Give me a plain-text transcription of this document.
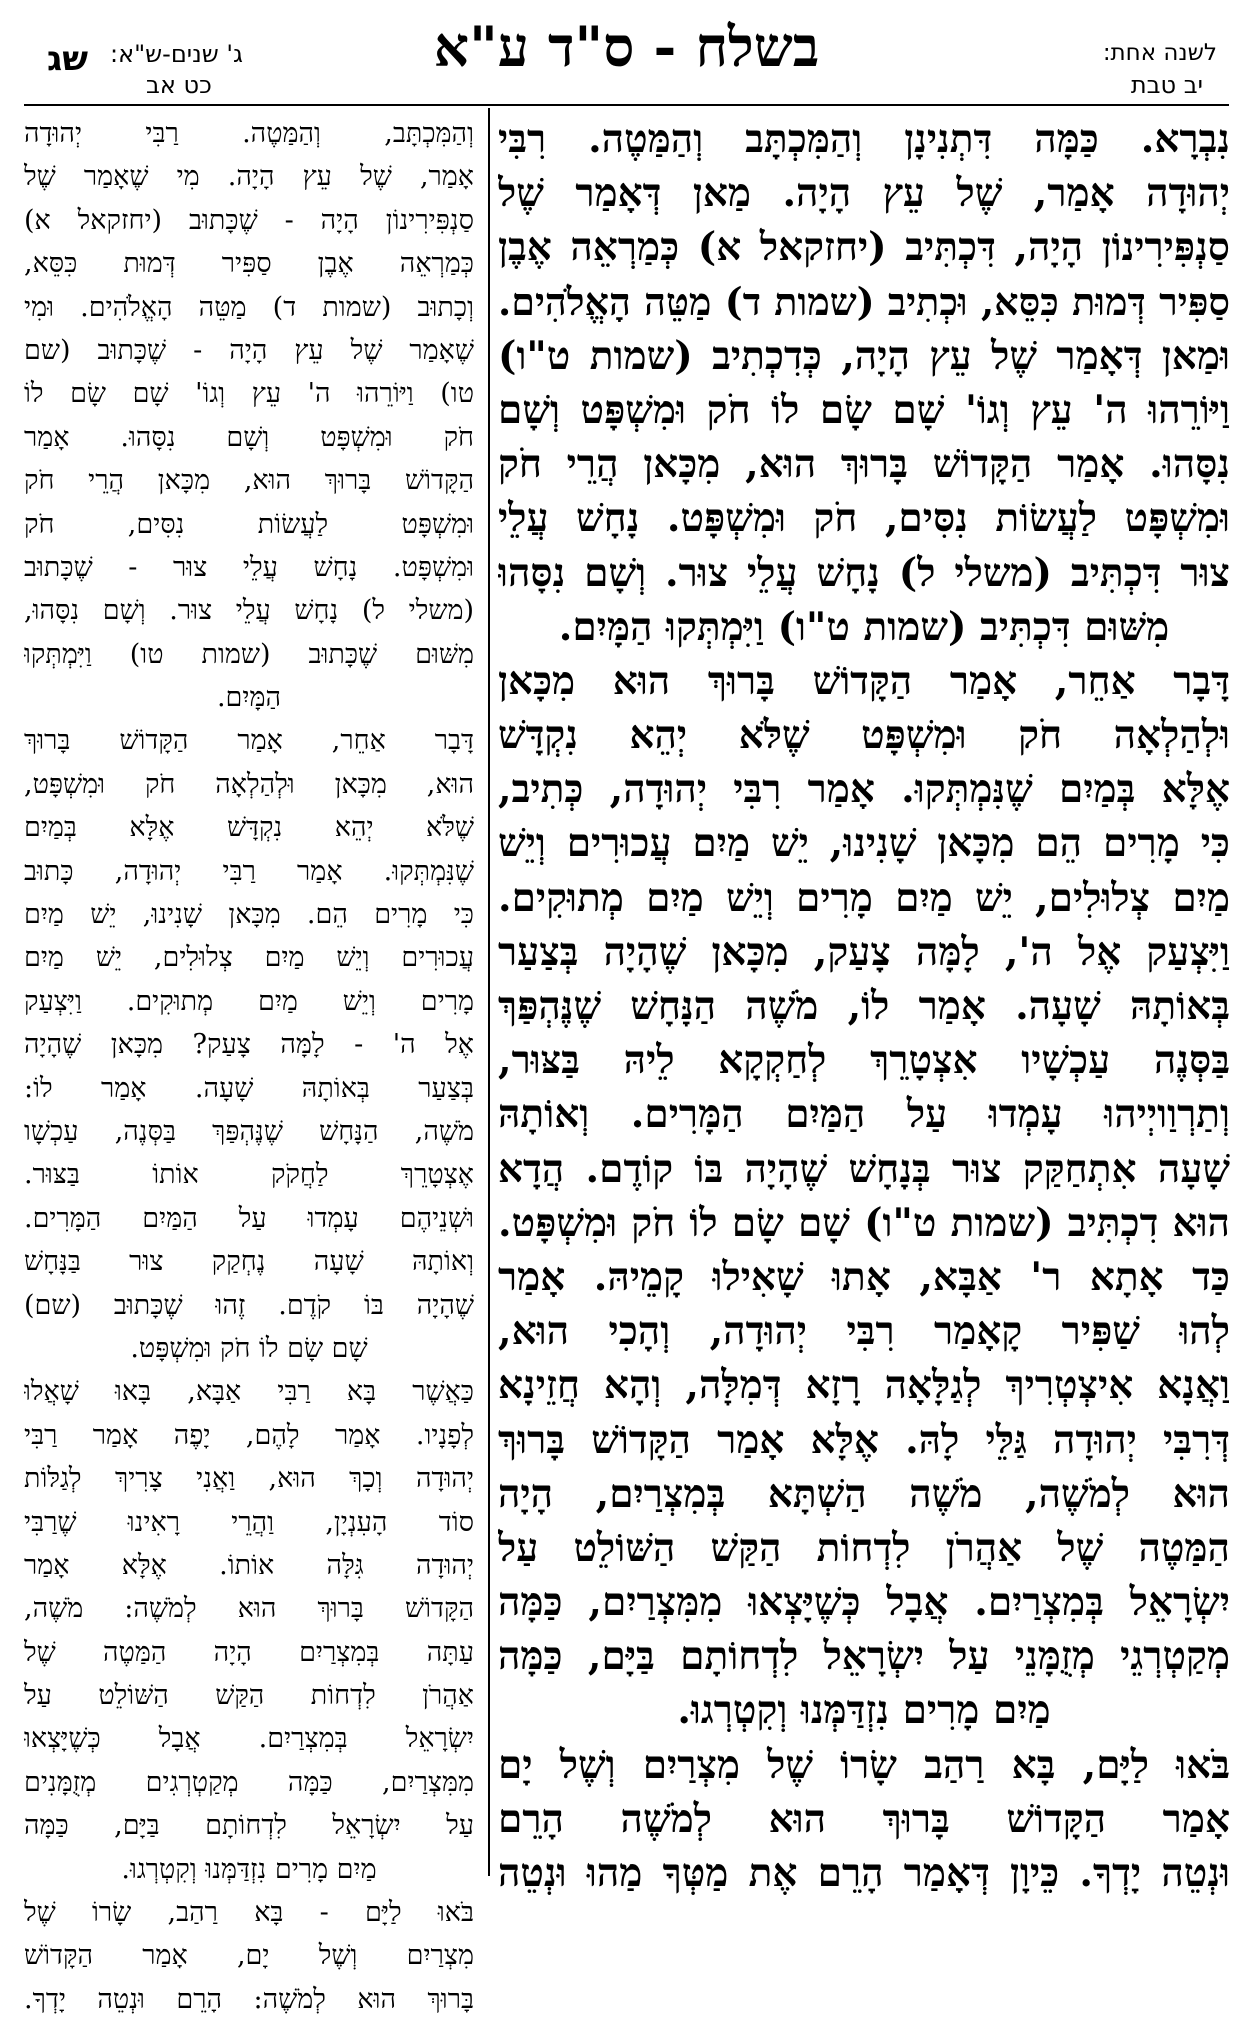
לשנה אחת:
יב טבת
בשלח - ס"ד ע"א
ג' שנים-ש"א:
כט אב
שג
נִבְרָא. כַּמָּה דִּתְנִינָן וְהַמִּכְתָּב וְהַמַּטֶה. רִבִּי
יְהוּדָה אָמַר, שֶׁל עֵץ הָיָה. מַאן דְּאָמַר שֶׁל
סַנְפִּירִינוֹן הָיָה, דִּכְתִּיב (יחזקאל א) כְּמַרְאֵה אֶבֶן
סַפִּיר דְּמוּת כִּסֵּא, וּכְתִיב (שמות ד) מַטֵּה הָאֱלֹהִים.
וּמַאן דְּאָמַר שֶׁל עֵץ הָיָה, כְּדִכְתִיב (שמות ט"ו)
וַיּוֹרֵהוּ ה' עֵץ וְגוֹ' שָׁם שָׂם לוֹ חֹק וּמִשְׁפָּט וְשָׁם
נִסָּהוּ. אָמַר הַקָּדוֹשׁ בָּרוּךְ הוּא, מִכָּאן הֲרֵי חֹק
וּמִשְׁפָּט לַעֲשׂוֹת נִסִּים, חֹק וּמִשְׁפָּט. נָחָשׁ עֲלֵי
צוּר דִּכְתִּיב (משלי ל) נָחָשׁ עֲלֵי צוּר. וְשָׁם נִסָּהוּ
מִשּׁוּם דִּכְתִּיב (שמות ט"ו) וַיִּמְתְּקוּ הַמָּיִם.
דָּבָר אַחֵר, אָמַר הַקָּדוֹשׁ בָּרוּךְ הוּא מִכָּאן
וּלְהַלְאָה חֹק וּמִשְׁפָּט שֶׁלֹּא יְהֵא נִקְדָּשׁ
אֶלָּא בְּמַיִם שֶׁנִּמְתְּקוּ. אָמַר רִבִּי יְהוּדָה, כְּתִיב,
כִּי מָרִים הֵם מִכָּאן שָׁנִינוּ, יֵשׁ מַיִם עֲכוּרִים וְיֵשׁ
מַיִם צְלוּלִים, יֵשׁ מַיִם מָרִים וְיֵשׁ מַיִם מְתוּקִים.
וַיִּצְעַק אֶל ה', לָמָּה צָעַק, מִכָּאן שֶׁהָיָה בְּצַעַר
בְּאוֹתָהּ שָׁעָה. אָמַר לוֹ, מֹשֶׁה הַנָּחָשׁ שֶׁנֶּהְפַּךְ
בַּסְּנֶה עַכְשָׁיו אִצְטָרֵךְ לְחַקְקָא לֵיהּ בַּצּוּר,
וְתַרְוַויְיהוּ עָמְדוּ עַל הַמַּיִם הַמָּרִים. וְאוֹתָהּ
שָׁעָה אִתְחַקַּק צוּר בְּנָחָשׁ שֶׁהָיָה בּוֹ קוֹדֶם. הֲדָא
הוּא דִכְתִּיב (שמות ט"ו) שָׁם שָׂם לוֹ חֹק וּמִשְׁפָּט.
כַּד אָתָא ר' אַבָּא, אָתוּ שָׁאִילוּ קָמֵיהּ. אָמַר
לְהוּ שַׁפִּיר קָאָמַר רִבִּי יְהוּדָה, וְהָכִי הוּא,
וַאֲנָא אִיצְטְרִיךְ לְגַלָּאָה רָזָא דְּמִלָּה, וְהָא חֲזֵינָא
דְּרִבִּי יְהוּדָה גַּלֵּי לָהּ. אֶלָּא אָמַר הַקָּדוֹשׁ בָּרוּךְ
הוּא לְמֹשֶׁה, מֹשֶׁה הַשְׁתָּא בְּמִצְרַיִם, הָיָה
הַמַּטֶה שֶׁל אַהֲרֹן לִדְחוֹת הַקַּשׁ הַשּׁוֹלֵט עַל
יִשְׂרָאֵל בְּמִצְרַיִם. אֲבָל כְּשֶׁיָּצְאוּ מִמִּצְרַיִם, כַּמָּה
מְקַטְרְגֵי מְזֻמָּנֵי עַל יִשְׂרָאֵל לִדְחוֹתָם בַּיָּם, כַּמָּה
מַיִם מָרִים נִזְדַּמְּנוּ וְקִטְרְגוּ.
בֹּאוּ לַיָּם, בָּא רַהַב שָׂרוֹ שֶׁל מִצְרַיִם וְשֶׁל יָם
אָמַר הַקָּדוֹשׁ בָּרוּךְ הוּא לְמֹשֶׁה הָרֵם
וּנְטֵה יָדְךָ. כֵּיוָן דְּאָמַר הָרֵם אֶת מַטְּךָ מַהוּ וּנְטֵה
וְהַמִּכְתָּב, וְהַמַּטֶה. רַבִּי יְהוּדָה
אָמַר, שֶׁל עֵץ הָיָה. מִי שֶׁאָמַר שֶׁל
סַנְפִּירִינוֹן הָיָה - שֶׁכָּתוּב (יחזקאל א)
כְּמַרְאֵה אֶבֶן סַפִּיר דְּמוּת כִּסֵּא,
וְכָתוּב (שמות ד) מַטֵּה הָאֱלֹהִים. וּמִי
שֶׁאָמַר שֶׁל עֵץ הָיָה - שֶׁכָּתוּב (שם
טו) וַיּוֹרֵהוּ ה' עֵץ וְגוֹ' שָׁם שָׂם לוֹ
חֹק וּמִשְׁפָּט וְשָׁם נִסָּהוּ. אָמַר
הַקָּדוֹשׁ בָּרוּךְ הוּא, מִכָּאן הֲרֵי חֹק
וּמִשְׁפָּט לַעֲשׂוֹת נִסִּים, חֹק
וּמִשְׁפָּט. נָחָשׁ עֲלֵי צוּר - שֶׁכָּתוּב
(משלי ל) נָחָשׁ עֲלֵי צוּר. וְשָׁם נִסָּהוּ,
מִשּׁוּם שֶׁכָּתוּב (שמות טו) וַיִּמְתְּקוּ
הַמָּיִם.
דָּבָר אַחֵר, אָמַר הַקָּדוֹשׁ בָּרוּךְ
הוּא, מִכָּאן וּלְהַלְאָה חֹק וּמִשְׁפָּט,
שֶׁלֹּא יְהֵא נִקְדָּשׁ אֶלָּא בְּמַיִם
שֶׁנִּמְתְּקוּ. אָמַר רַבִּי יְהוּדָה, כָּתוּב
כִּי מָרִים הֵם. מִכָּאן שָׁנִינוּ, יֵשׁ מַיִם
עֲכוּרִים וְיֵשׁ מַיִם צְלוּלִים, יֵשׁ מַיִם
מָרִים וְיֵשׁ מַיִם מְתוּקִים. וַיִּצְעַק
אֶל ה' - לָמָּה צָעַק? מִכָּאן שֶׁהָיָה
בְּצַעַר בְּאוֹתָהּ שָׁעָה. אָמַר לוֹ:
מֹשֶׁה, הַנָּחָשׁ שֶׁנֶּהְפַּךְ בַּסְּנֶה, עַכְשָׁו
אֶצְטָרֵךְ לַחֲקֹק אוֹתוֹ בַּצּוּר.
וּשְׁנֵיהֶם עָמְדוּ עַל הַמַּיִם הַמָּרִים.
וְאוֹתָהּ שָׁעָה נֶחְקַק צוּר בַּנָּחָשׁ
שֶׁהָיָה בּוֹ קֹדֶם. זֶהוּ שֶׁכָּתוּב (שם)
שָׁם שָׂם לוֹ חֹק וּמִשְׁפָּט.
כַּאֲשֶׁר בָּא רַבִּי אַבָּא, בָּאוּ שָׁאֲלוּ
לְפָנָיו. אָמַר לָהֶם, יָפֶה אָמַר רַבִּי
יְהוּדָה וְכָךְ הוּא, וַאֲנִי צָרִיךְ לְגַלּוֹת
סוֹד הָעִנְיָן, וַהֲרֵי רָאִינוּ שֶׁרַבִּי
יְהוּדָה גִּלָּה אוֹתוֹ. אֶלָּא אָמַר
הַקָּדוֹשׁ בָּרוּךְ הוּא לְמֹשֶׁה: מֹשֶׁה,
עַתָּה בְּמִצְרַיִם הָיָה הַמַּטֶה שֶׁל
אַהֲרֹן לִדְחוֹת הַקַּשׁ הַשּׁוֹלֵט עַל
יִשְׂרָאֵל בְּמִצְרַיִם. אֲבָל כְּשֶׁיָּצְאוּ
מִמִּצְרַיִם, כַּמָּה מְקַטְרְגִים מְזֻמָּנִים
עַל יִשְׂרָאֵל לִדְחוֹתָם בַּיָּם, כַּמָּה
מַיִם מָרִים נִזְדַּמְּנוּ וְקִטְרְגוּ.
בֹּאוּ לַיָּם - בָּא רַהַב, שָׂרוֹ שֶׁל
מִצְרַיִם וְשֶׁל יָם, אָמַר הַקָּדוֹשׁ
בָּרוּךְ הוּא לְמֹשֶׁה: הָרֵם וּנְטֵה יָדְךָ.
